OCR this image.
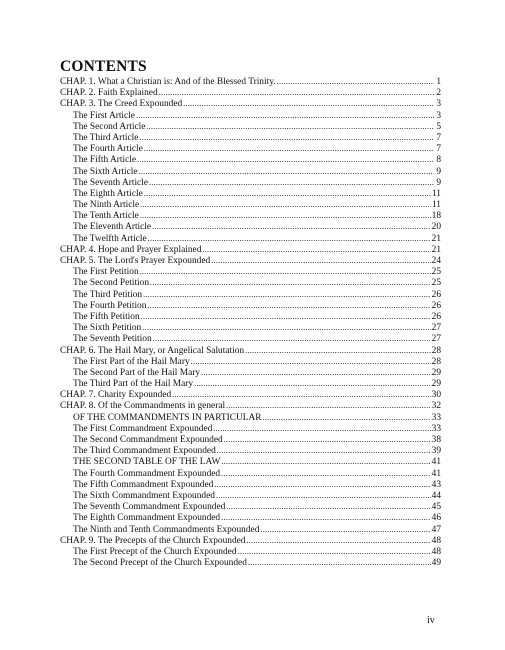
CONTENTS
CHAP. 1. What a Christian is: And of the Blessed Trinity. .....	1
CHAP. 2. Faith Explained .....	2
CHAP. 3. The Creed Expounded .....	3
The First Article .....	3
The Second Article .....	5
The Third Article .....	7
The Fourth Article .....	7
The Fifth Article .....	8
The Sixth Article .....	9
The Seventh Article .....	9
The Eighth Article .....	11
The Ninth Article .....	11
The Tenth Article .....	18
The Eleventh Article .....	20
The Twelfth Article .....	21
CHAP. 4. Hope and Prayer Explained .....	21
CHAP. 5. The Lord's Prayer Expounded .....	24
The First Petition .....	25
The Second Petition .....	25
The Third Petition .....	26
The Fourth Petition .....	26
The Fifth Petition .....	26
The Sixth Petition .....	27
The Seventh Petition .....	27
CHAP. 6. The Hail Mary, or Angelical Salutation .....	28
The First Part of the Hail Mary .....	28
The Second Part of the Hail Mary .....	29
The Third Part of the Hail Mary .....	29
CHAP. 7. Charity Expounded .....	30
CHAP. 8. Of the Commandments in general .....	32
OF THE COMMANDMENTS IN PARTICULAR .....	33
The First Commandment Expounded .....	33
The Second Commandment Expounded .....	38
The Third Commandment Expounded .....	39
THE SECOND TABLE OF THE LAW .....	41
The Fourth Commandment Expounded .....	41
The Fifth Commandment Expounded .....	43
The Sixth Commandment Expounded .....	44
The Seventh Commandment Expounded .....	45
The Eighth Commandment Expounded .....	46
The Ninth and Tenth Commandments Expounded .....	47
CHAP. 9. The Precepts of the Church Expounded .....	48
The First Precept of the Church Expounded .....	48
The Second Precept of the Church Expounded .....	49
iv
